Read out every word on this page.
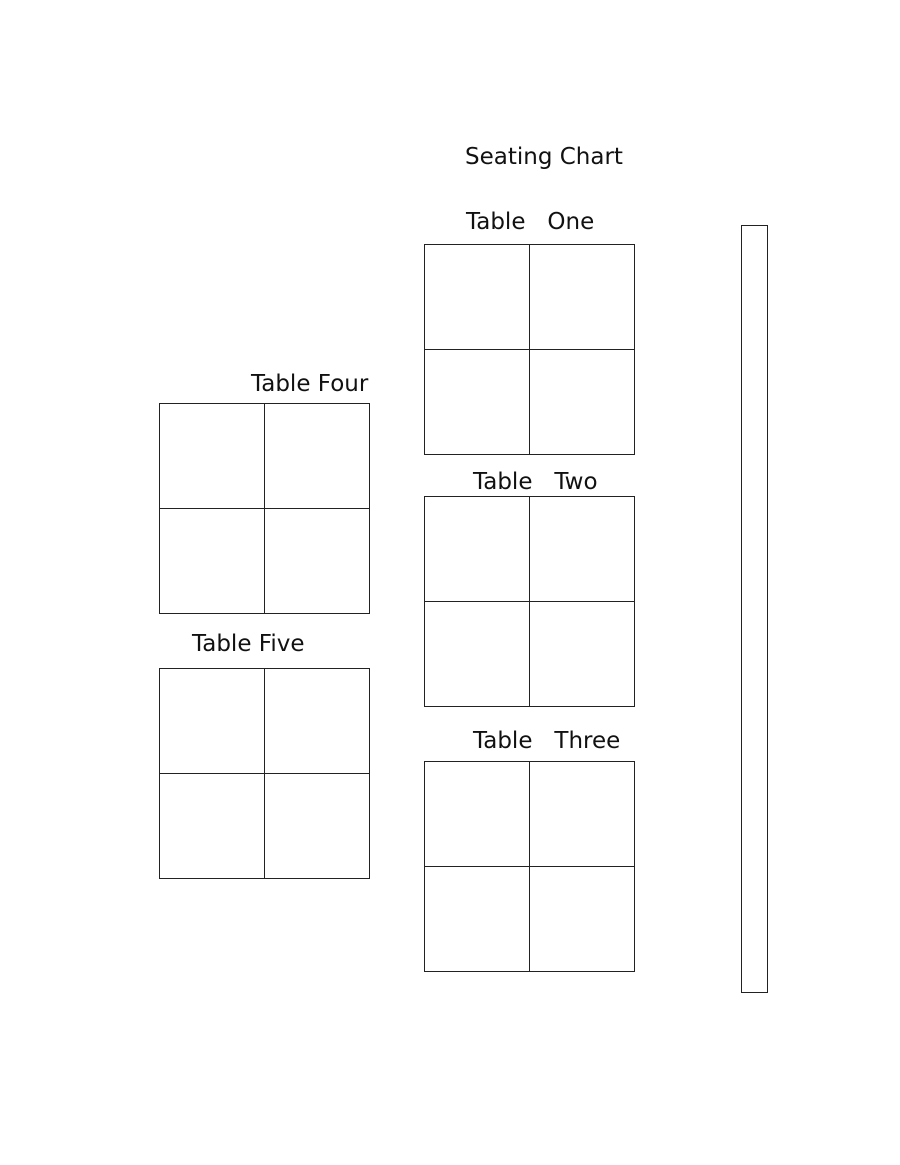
Seating Chart
Table   One
Table Four
Table   Two
Table Five
Table   Three
